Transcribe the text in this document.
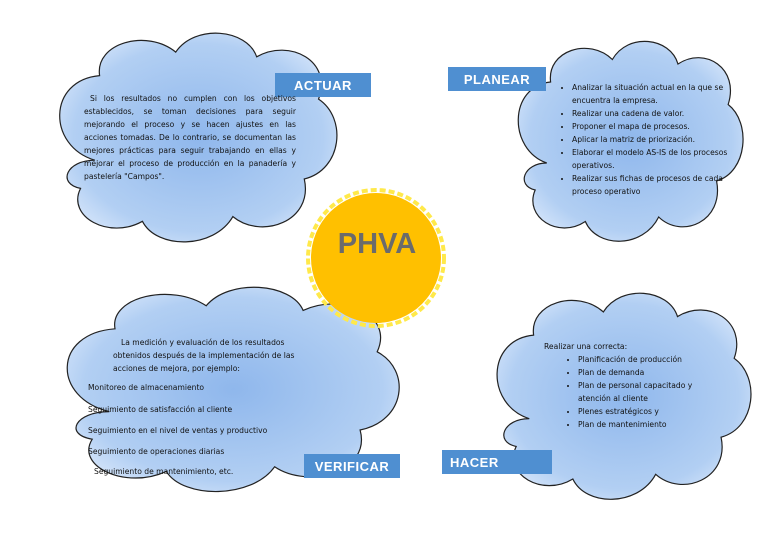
PHVA
ACTUAR	PLANEAR
VERIFICAR	HACER
Si los resultados no cumplen con los objetivos establecidos, se toman decisiones para seguir mejorando el proceso y se hacen ajustes en las acciones tomadas. De lo contrario, se documentan las mejores prácticas para seguir trabajando en ellas y mejorar el proceso de producción en la panadería y pastelería "Campos".
• Analizar la situación actual en la que se encuentra la empresa.
• Realizar una cadena de valor.
• Proponer el mapa de procesos.
• Aplicar la matriz de priorización.
• Elaborar el modelo AS-IS de los procesos operativos.
• Realizar sus fichas de procesos de cada proceso operativo
La medición y evaluación de los resultados obtenidos después de la implementación de las acciones de mejora, por ejemplo:
Monitoreo de almacenamiento
Seguimiento de satisfacción al cliente
Seguimiento en el nivel de ventas y productivo
Seguimiento de operaciones diarias
Seguimiento de mantenimiento, etc.
Realizar una correcta:
• Planificación de producción
• Plan de demanda
• Plan de personal capacitado y atención al cliente
• Plenes estratégicos y
• Plan de mantenimiento
